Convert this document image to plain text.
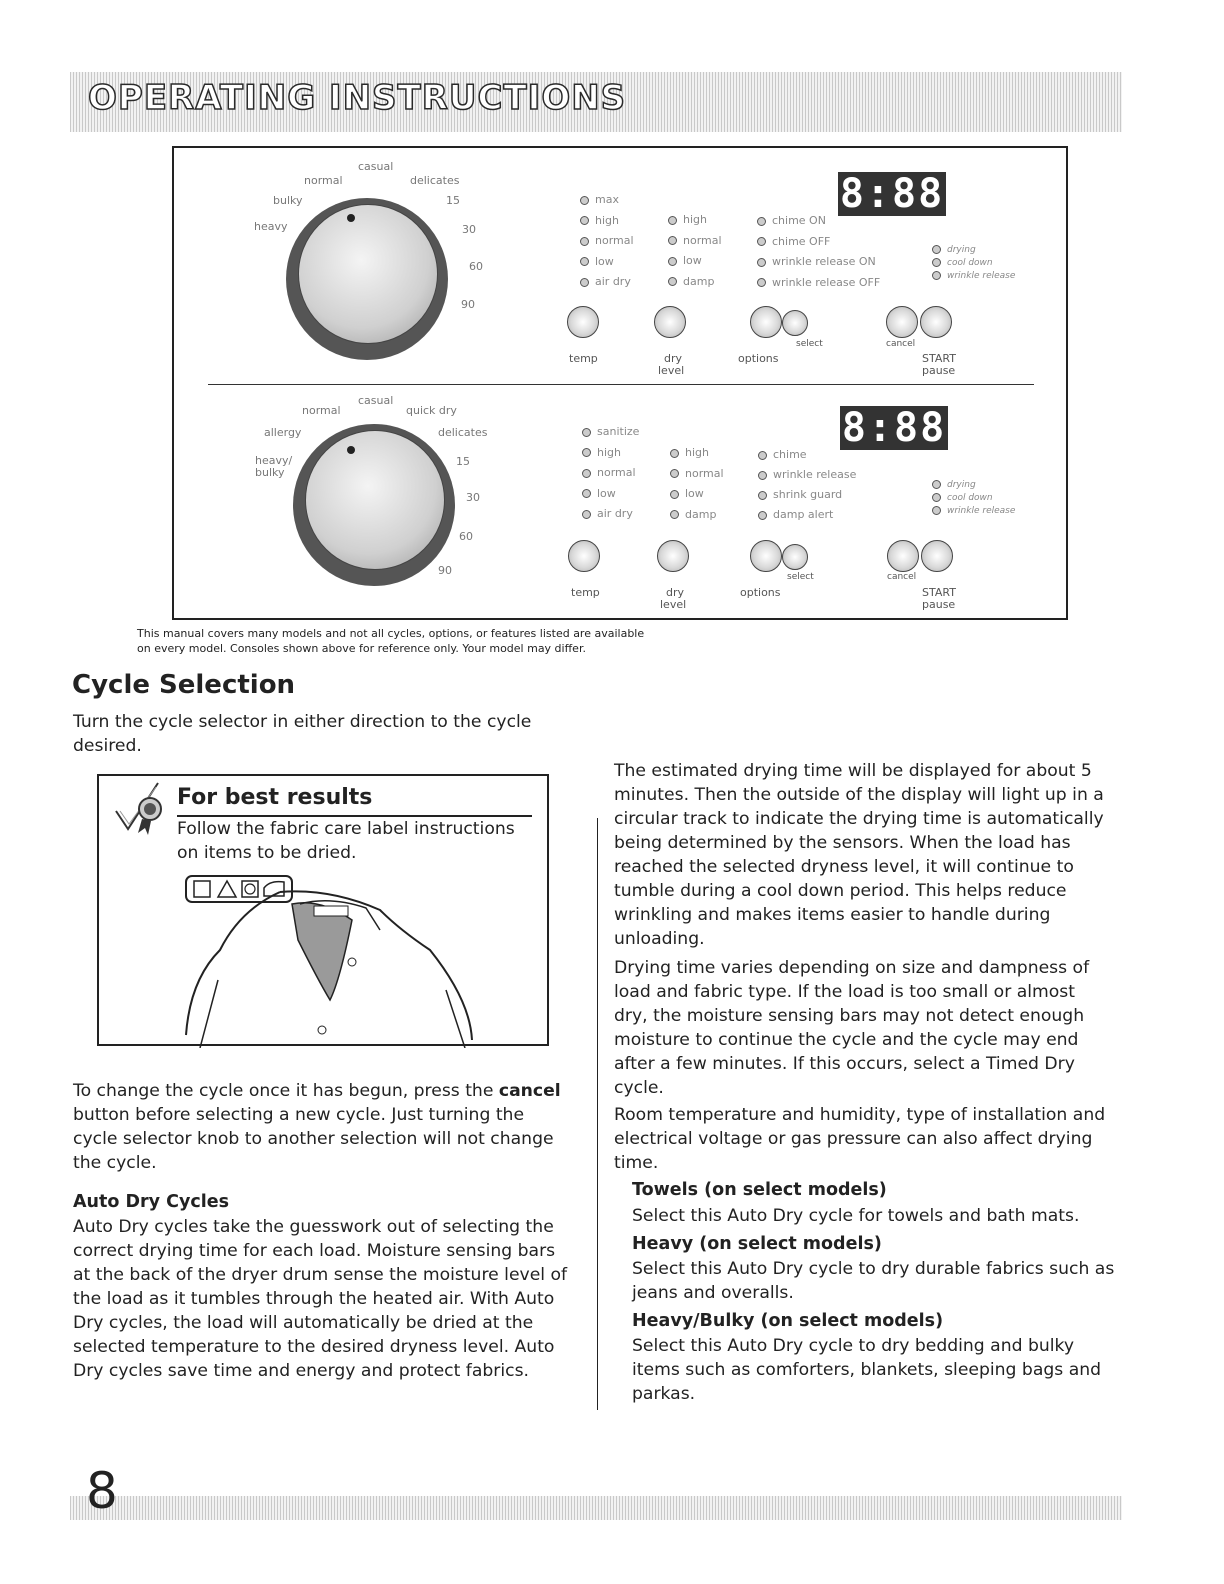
OPERATING INSTRUCTIONS
casual
normal	delicates
bulky
heavy
15
30
60
90
max
high
normal
low
air dry
high
normal
low
damp
chime ON
chime OFF
wrinkle release ON
wrinkle release OFF
8:88
drying
cool down
wrinkle release
temp	dry
level
options
select	cancel
START
pause
casual
normal	quick dry
allergy	delicates
heavy/
bulky
15
30
60
90
sanitize
high
normal
low
air dry
high
normal
low
damp
chime
wrinkle release
shrink guard
damp alert
8:88
drying
cool down
wrinkle release
temp	dry
level
options
select	cancel
START
pause
This manual covers many models and not all cycles, options, or features listed are available
on every model. Consoles shown above for reference only. Your model may differ.
Cycle Selection
Turn the cycle selector in either direction to the cycle
desired.
For best results
Follow the fabric care label instructions
on items to be dried.
To change the cycle once it has begun, press the cancel
button before selecting a new cycle. Just turning the
cycle selector knob to another selection will not change
the cycle.
Auto Dry Cycles
Auto Dry cycles take the guesswork out of selecting the
correct drying time for each load. Moisture sensing bars
at the back of the dryer drum sense the moisture level of
the load as it tumbles through the heated air. With Auto
Dry cycles, the load will automatically be dried at the
selected temperature to the desired dryness level. Auto
Dry cycles save time and energy and protect fabrics.
The estimated drying time will be displayed for about 5
minutes. Then the outside of the display will light up in a
circular track to indicate the drying time is automatically
being determined by the sensors. When the load has
reached the selected dryness level, it will continue to
tumble during a cool down period. This helps reduce
wrinkling and makes items easier to handle during
unloading.
Drying time varies depending on size and dampness of
load and fabric type. If the load is too small or almost
dry, the moisture sensing bars may not detect enough
moisture to continue the cycle and the cycle may end
after a few minutes. If this occurs, select a Timed Dry
cycle.
Room temperature and humidity, type of installation and
electrical voltage or gas pressure can also affect drying
time.
Towels (on select models)
Select this Auto Dry cycle for towels and bath mats.
Heavy (on select models)
Select this Auto Dry cycle to dry durable fabrics such as
jeans and overalls.
Heavy/Bulky (on select models)
Select this Auto Dry cycle to dry bedding and bulky
items such as comforters, blankets, sleeping bags and
parkas.
8
